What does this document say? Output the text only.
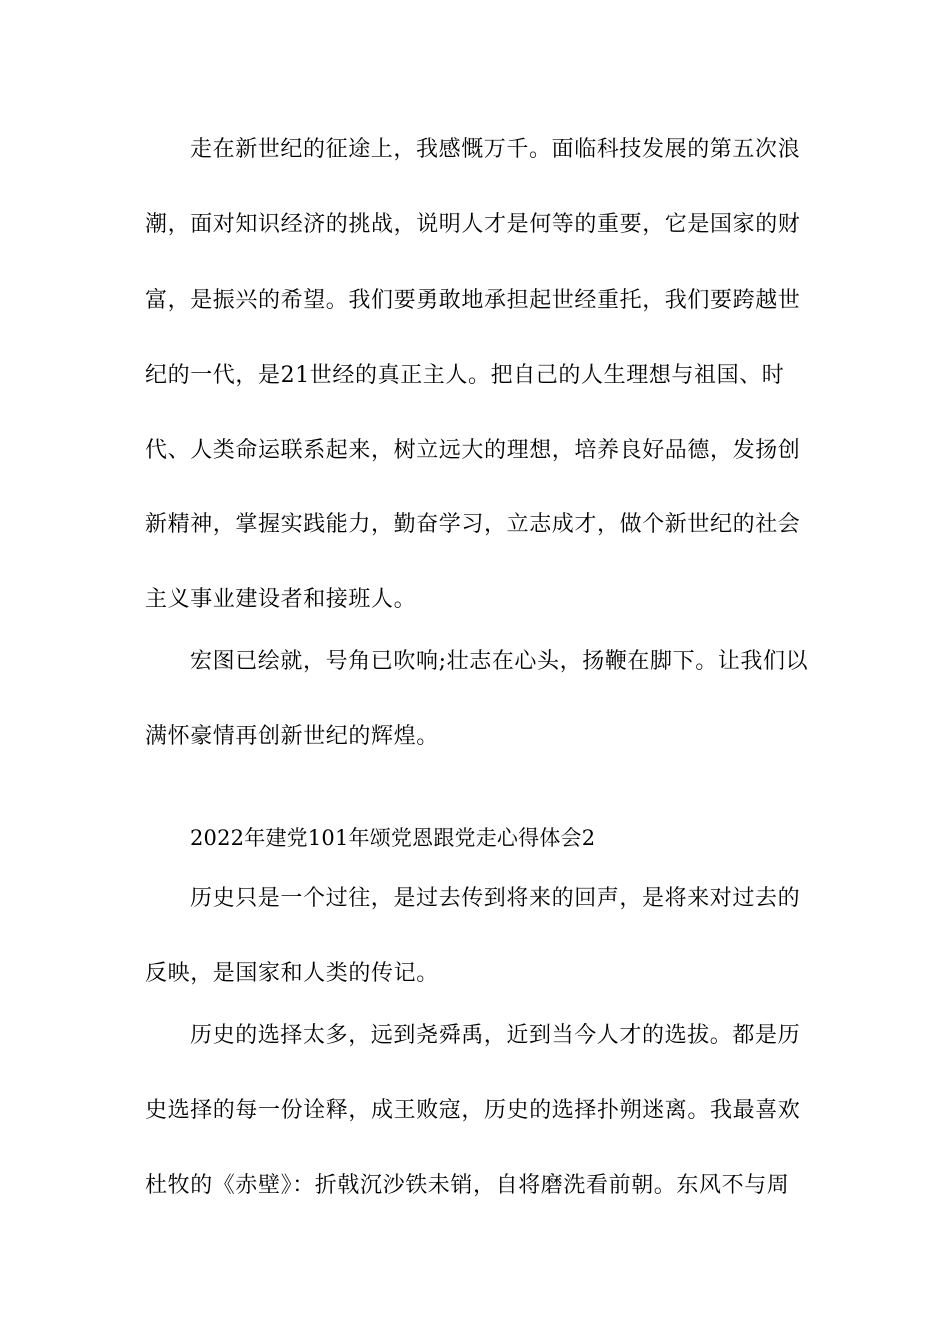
走在新世纪的征途上，我感慨万千。面临科技发展的第五次浪
潮，面对知识经济的挑战，说明人才是何等的重要，它是国家的财
富，是振兴的希望。我们要勇敢地承担起世经重托，我们要跨越世
纪的一代，是21世经的真正主人。把自己的人生理想与祖国、时
代、人类命运联系起来，树立远大的理想，培养良好品德，发扬创
新精神，掌握实践能力，勤奋学习，立志成才，做个新世纪的社会
主义事业建设者和接班人。
宏图已绘就，号角已吹响;壮志在心头，扬鞭在脚下。让我们以
满怀豪情再创新世纪的辉煌。
2022年建党101年颂党恩跟党走心得体会2
历史只是一个过往，是过去传到将来的回声，是将来对过去的
反映，是国家和人类的传记。
历史的选择太多，远到尧舜禹，近到当今人才的选拔。都是历
史选择的每一份诠释，成王败寇，历史的选择扑朔迷离。我最喜欢
杜牧的《赤壁》：折戟沉沙铁未销，自将磨洗看前朝。东风不与周
